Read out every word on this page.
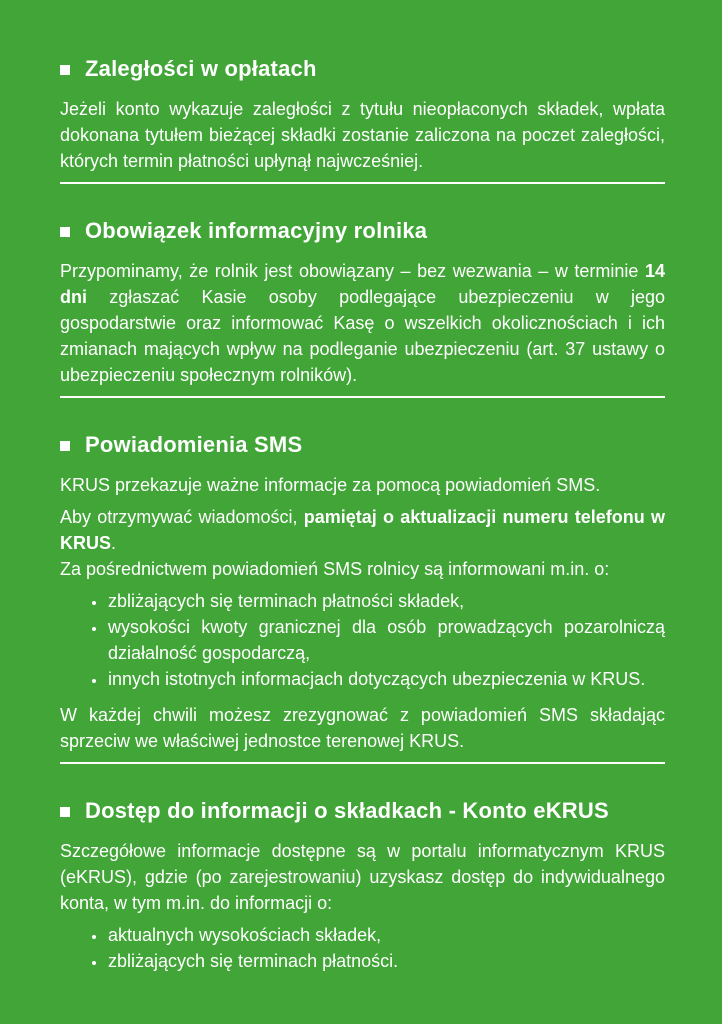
Zaległości w opłatach

Jeżeli konto wykazuje zaległości z tytułu nieopłaconych składek, wpłata dokonana tytułem bieżącej składki zostanie zaliczona na poczet zaległości, których termin płatności upłynął najwcześniej.

Obowiązek informacyjny rolnika

Przypominamy, że rolnik jest obowiązany – bez wezwania – w terminie 14 dni zgłaszać Kasie osoby podlegające ubezpieczeniu w jego gospodarstwie oraz informować Kasę o wszelkich okolicznościach i ich zmianach mających wpływ na podleganie ubezpieczeniu (art. 37 ustawy o ubezpieczeniu społecznym rolników).

Powiadomienia SMS

KRUS przekazuje ważne informacje za pomocą powiadomień SMS.

Aby otrzymywać wiadomości, pamiętaj o aktualizacji numeru telefonu w KRUS.

Za pośrednictwem powiadomień SMS rolnicy są informowani m.in. o:

• zbliżających się terminach płatności składek,
• wysokości kwoty granicznej dla osób prowadzących pozarolniczą działalność gospodarczą,
• innych istotnych informacjach dotyczących ubezpieczenia w KRUS.

W każdej chwili możesz zrezygnować z powiadomień SMS składając sprzeciw we właściwej jednostce terenowej KRUS.

Dostęp do informacji o składkach - Konto eKRUS

Szczegółowe informacje dostępne są w portalu informatycznym KRUS (eKRUS), gdzie (po zarejestrowaniu) uzyskasz dostęp do indywidualnego konta, w tym m.in. do informacji o:

• aktualnych wysokościach składek,
• zbliżających się terminach płatności.
